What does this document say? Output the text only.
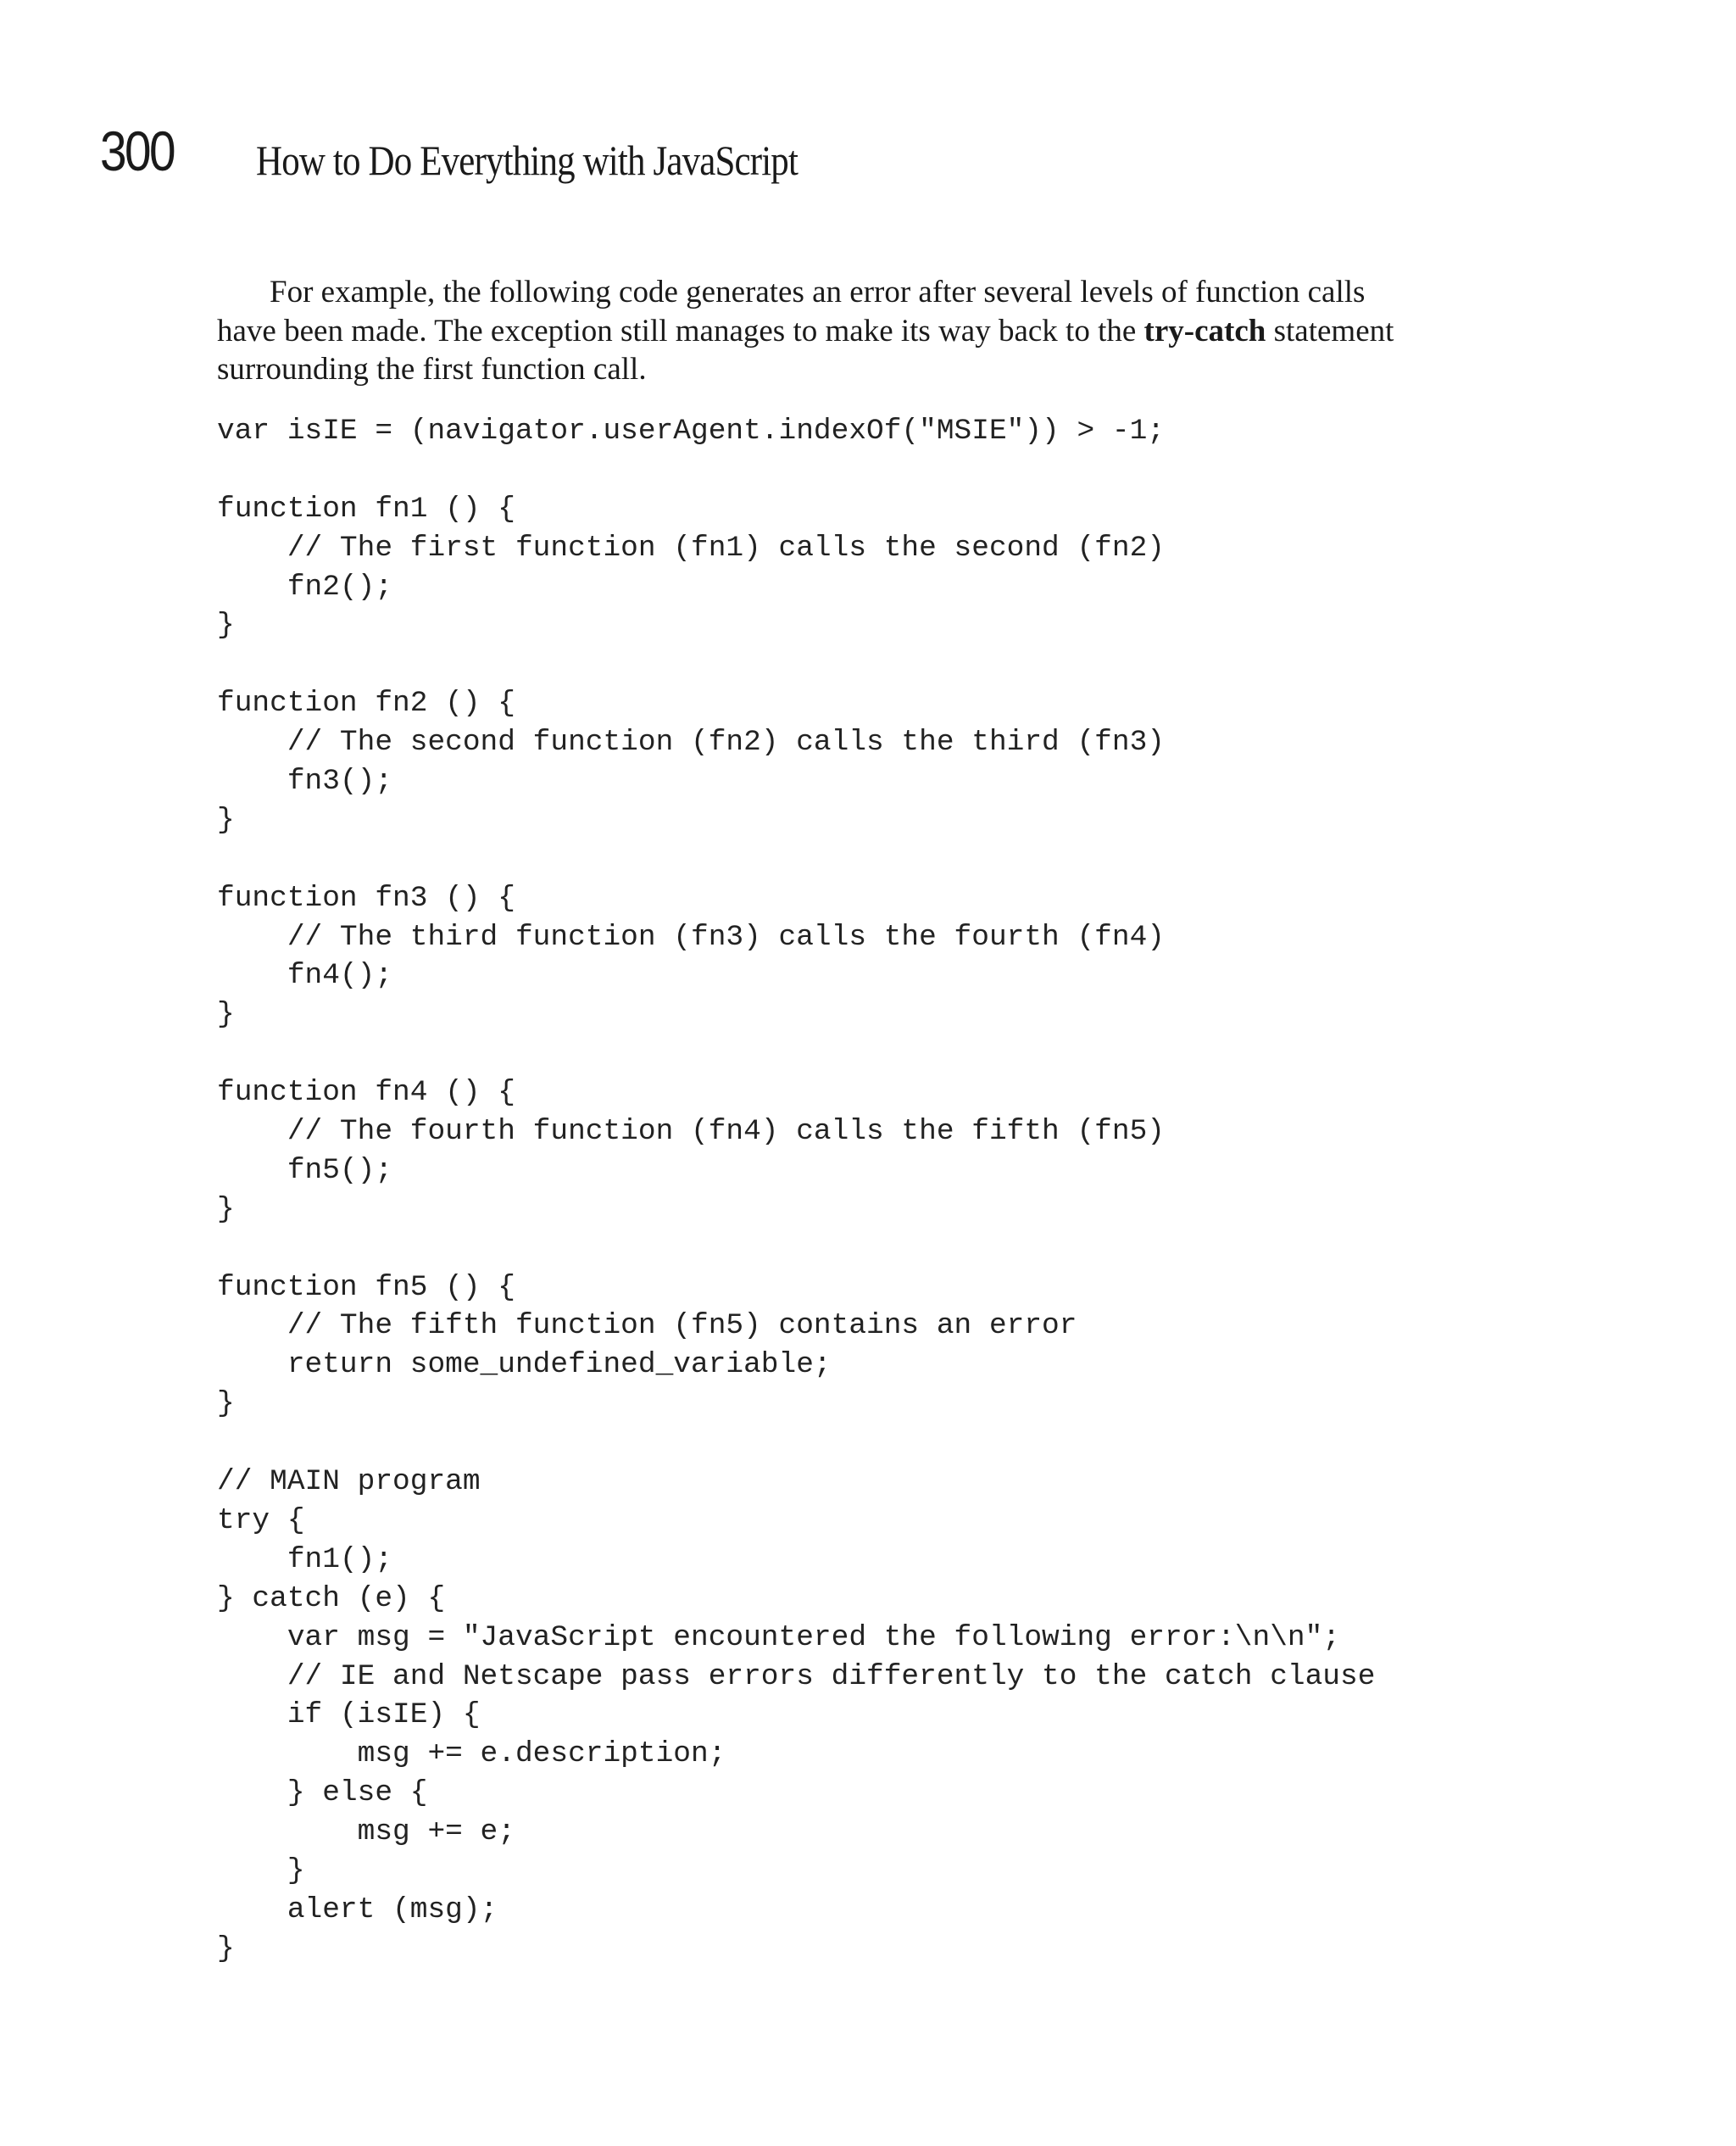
300 How to Do Everything with JavaScript

For example, the following code generates an error after several levels of function calls
have been made. The exception still manages to make its way back to the try-catch statement
surrounding the first function call.

var isIE = (navigator.userAgent.indexOf("MSIE")) > -1;
function fn1 () {
// The first function (fn1) calls the second (fn2)
fn2();
}
function fn2 () {
// The second function (fn2) calls the third (fn3)
fn3();
}
function fn3 () {
// The third function (fn3) calls the fourth (fn4)
fn4();
}
function fn4 () {
// The fourth function (fn4) calls the fifth (fn5)
fn5();
}
function fn5 () {
// The fifth function (fn5) contains an error
return some_undefined_variable;
}
// MAIN program
try {
fn1();
} catch (e) {
var msg = "JavaScript encountered the following error:\n\n";
// IE and Netscape pass errors differently to the catch clause
if (isIE) {
msg += e.description;
} else {
msg += e;
}
alert (msg);
}
